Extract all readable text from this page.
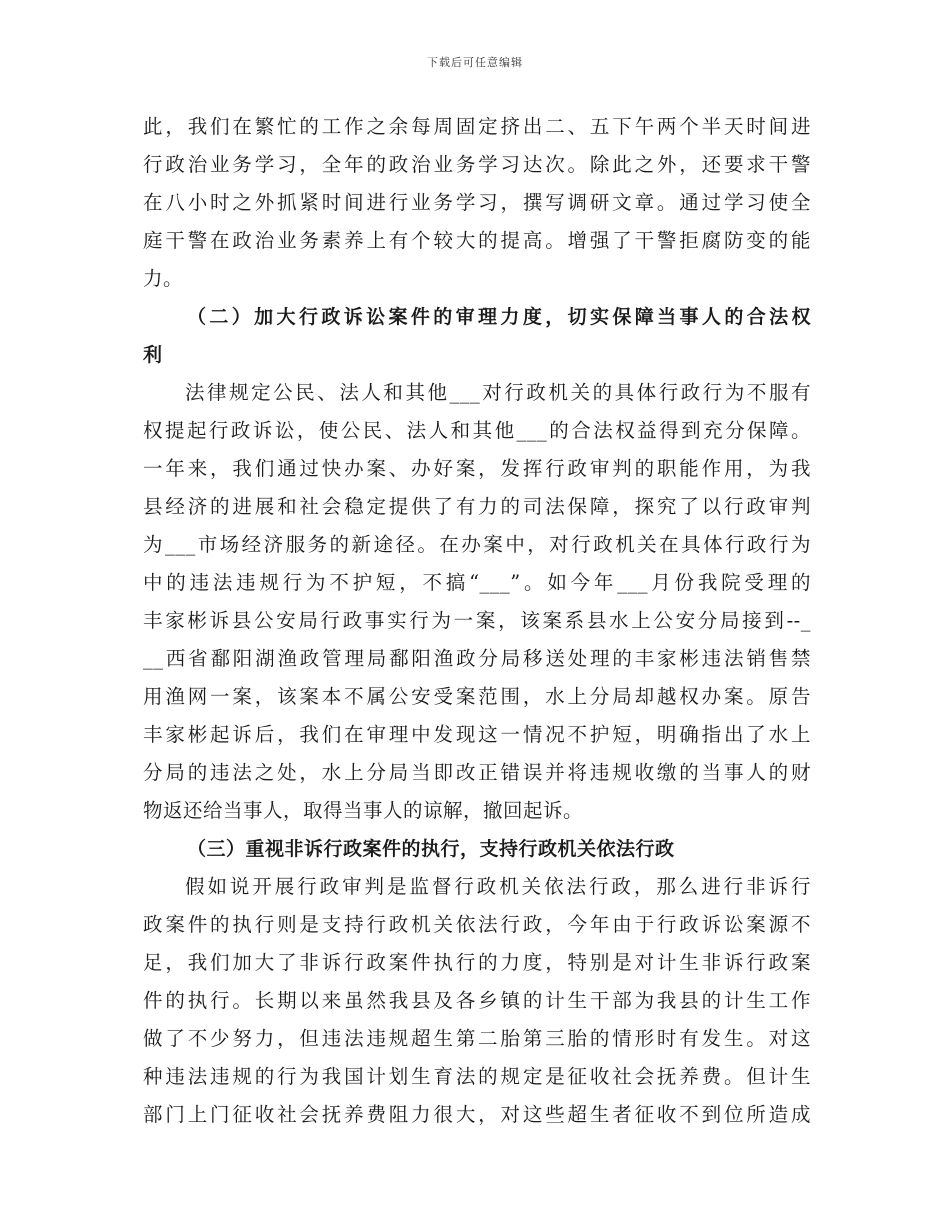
下载后可任意编辑
此，我们在繁忙的工作之余每周固定挤出二、五下午两个半天时间进
行政治业务学习，全年的政治业务学习达次。除此之外，还要求干警
在八小时之外抓紧时间进行业务学习，撰写调研文章。通过学习使全
庭干警在政治业务素养上有个较大的提高。增强了干警拒腐防变的能
力。
（二）加大行政诉讼案件的审理力度，切实保障当事人的合法权
利
法律规定公民、法人和其他___对行政机关的具体行政行为不服有
权提起行政诉讼，使公民、法人和其他___的合法权益得到充分保障。
一年来，我们通过快办案、办好案，发挥行政审判的职能作用，为我
县经济的进展和社会稳定提供了有力的司法保障，探究了以行政审判
为___市场经济服务的新途径。在办案中，对行政机关在具体行政行为
中的违法违规行为不护短，不搞“___”。如今年___月份我院受理的
丰家彬诉县公安局行政事实行为一案，该案系县水上公安分局接到--_
__西省鄱阳湖渔政管理局鄱阳渔政分局移送处理的丰家彬违法销售禁
用渔网一案，该案本不属公安受案范围，水上分局却越权办案。原告
丰家彬起诉后，我们在审理中发现这一情况不护短，明确指出了水上
分局的违法之处，水上分局当即改正错误并将违规收缴的当事人的财
物返还给当事人，取得当事人的谅解，撤回起诉。
（三）重视非诉行政案件的执行，支持行政机关依法行政
假如说开展行政审判是监督行政机关依法行政，那么进行非诉行
政案件的执行则是支持行政机关依法行政，今年由于行政诉讼案源不
足，我们加大了非诉行政案件执行的力度，特别是对计生非诉行政案
件的执行。长期以来虽然我县及各乡镇的计生干部为我县的计生工作
做了不少努力，但违法违规超生第二胎第三胎的情形时有发生。对这
种违法违规的行为我国计划生育法的规定是征收社会抚养费。但计生
部门上门征收社会抚养费阻力很大，对这些超生者征收不到位所造成
